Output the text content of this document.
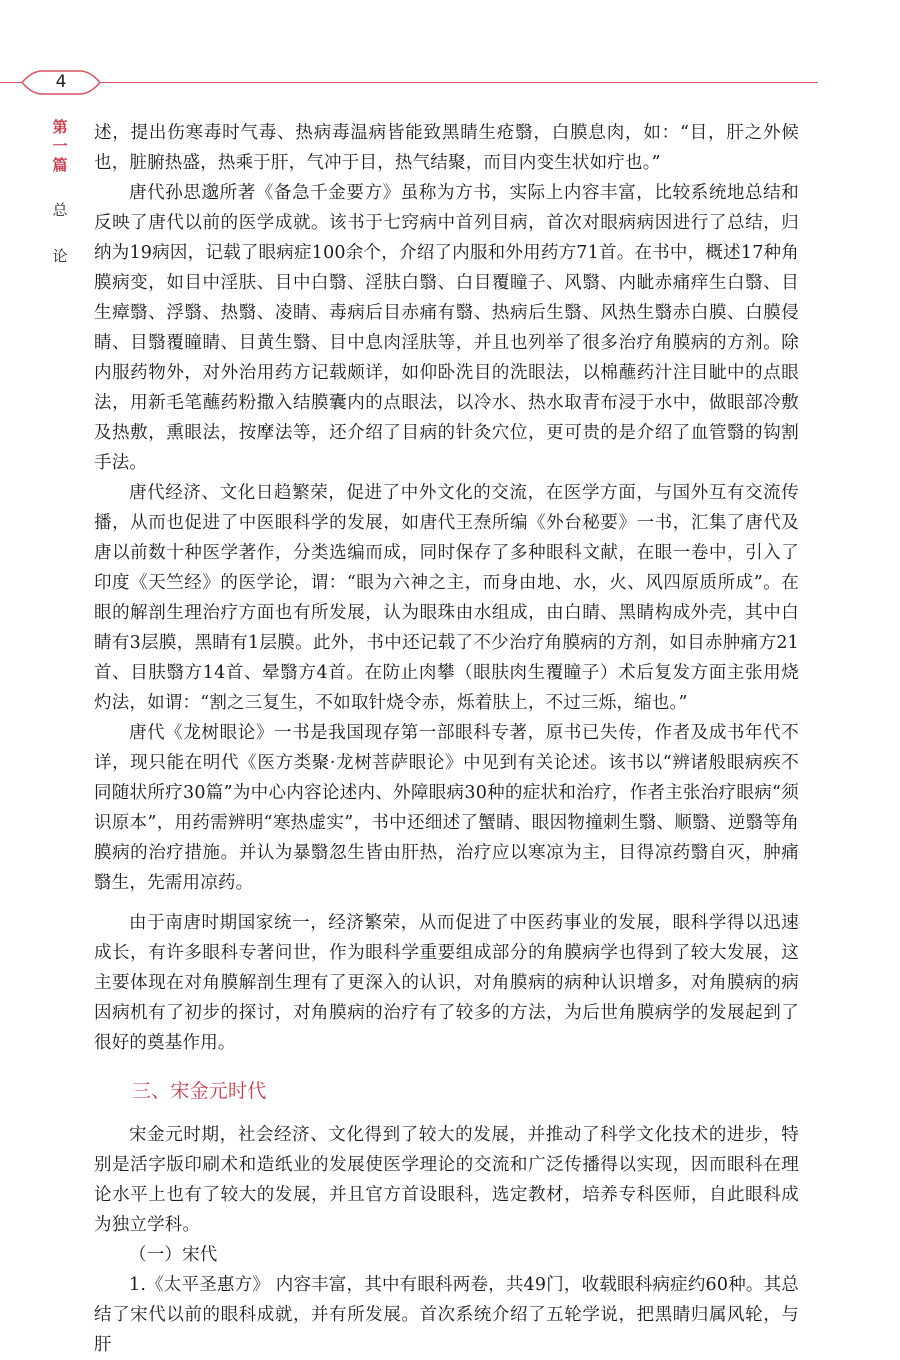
4
第
一
篇
总
论

述，提出伤寒毒时气毒、热病毒温病皆能致黑睛生疮翳，白膜息肉，如：“目，肝之外候也，脏腑热盛，热乘于肝，气冲于目，热气结聚，而目内变生状如疔也。”

唐代孙思邈所著《备急千金要方》虽称为方书，实际上内容丰富，比较系统地总结和反映了唐代以前的医学成就。该书于七窍病中首列目病，首次对眼病病因进行了总结，归纳为19病因，记载了眼病症100余个，介绍了内服和外用药方71首。在书中，概述17种角膜病变，如目中淫肤、目中白翳、淫肤白翳、白目覆瞳子、风翳、内眦赤痛痒生白翳、目生瘴翳、浮翳、热翳、凌睛、毒病后目赤痛有翳、热病后生翳、风热生翳赤白膜、白膜侵睛、目翳覆瞳睛、目黄生翳、目中息肉淫肤等，并且也列举了很多治疗角膜病的方剂。除内服药物外，对外治用药方记载颇详，如仰卧洗目的洗眼法，以棉蘸药汁注目眦中的点眼法，用新毛笔蘸药粉撒入结膜囊内的点眼法，以冷水、热水取青布浸于水中，做眼部冷敷及热敷，熏眼法，按摩法等，还介绍了目病的针灸穴位，更可贵的是介绍了血管翳的钩割手法。

唐代经济、文化日趋繁荣，促进了中外文化的交流，在医学方面，与国外互有交流传播，从而也促进了中医眼科学的发展，如唐代王焘所编《外台秘要》一书，汇集了唐代及唐以前数十种医学著作，分类选编而成，同时保存了多种眼科文献，在眼一卷中，引入了印度《天竺经》的医学论，谓：“眼为六神之主，而身由地、水，火、风四原质所成”。在眼的解剖生理治疗方面也有所发展，认为眼珠由水组成，由白睛、黑睛构成外壳，其中白睛有3层膜，黑睛有1层膜。此外，书中还记载了不少治疗角膜病的方剂，如目赤肿痛方21首、目肤翳方14首、晕翳方4首。在防止肉攀（眼肤肉生覆瞳子）术后复发方面主张用烧灼法，如谓：“割之三复生，不如取针烧令赤，烁着肤上，不过三烁，缩也。”

唐代《龙树眼论》一书是我国现存第一部眼科专著，原书已失传，作者及成书年代不详，现只能在明代《医方类聚·龙树菩萨眼论》中见到有关论述。该书以“辨诸般眼病疾不同随状所疗30篇”为中心内容论述内、外障眼病30种的症状和治疗，作者主张治疗眼病“须识原本”，用药需辨明“寒热虚实”，书中还细述了蟹睛、眼因物撞刺生翳、顺翳、逆翳等角膜病的治疗措施。并认为暴翳忽生皆由肝热，治疗应以寒凉为主，目得凉药翳自灭，肿痛翳生，先需用凉药。

由于南唐时期国家统一，经济繁荣，从而促进了中医药事业的发展，眼科学得以迅速成长，有许多眼科专著问世，作为眼科学重要组成部分的角膜病学也得到了较大发展，这主要体现在对角膜解剖生理有了更深入的认识，对角膜病的病种认识增多，对角膜病的病因病机有了初步的探讨，对角膜病的治疗有了较多的方法，为后世角膜病学的发展起到了很好的奠基作用。

三、宋金元时代

宋金元时期，社会经济、文化得到了较大的发展，并推动了科学文化技术的进步，特别是活字版印刷术和造纸业的发展使医学理论的交流和广泛传播得以实现，因而眼科在理论水平上也有了较大的发展，并且官方首设眼科，选定教材，培养专科医师，自此眼科成为独立学科。

（一）宋代

1.《太平圣惠方》 内容丰富，其中有眼科两卷，共49门，收载眼科病症约60种。其总结了宋代以前的眼科成就，并有所发展。首次系统介绍了五轮学说，把黑睛归属风轮，与肝
